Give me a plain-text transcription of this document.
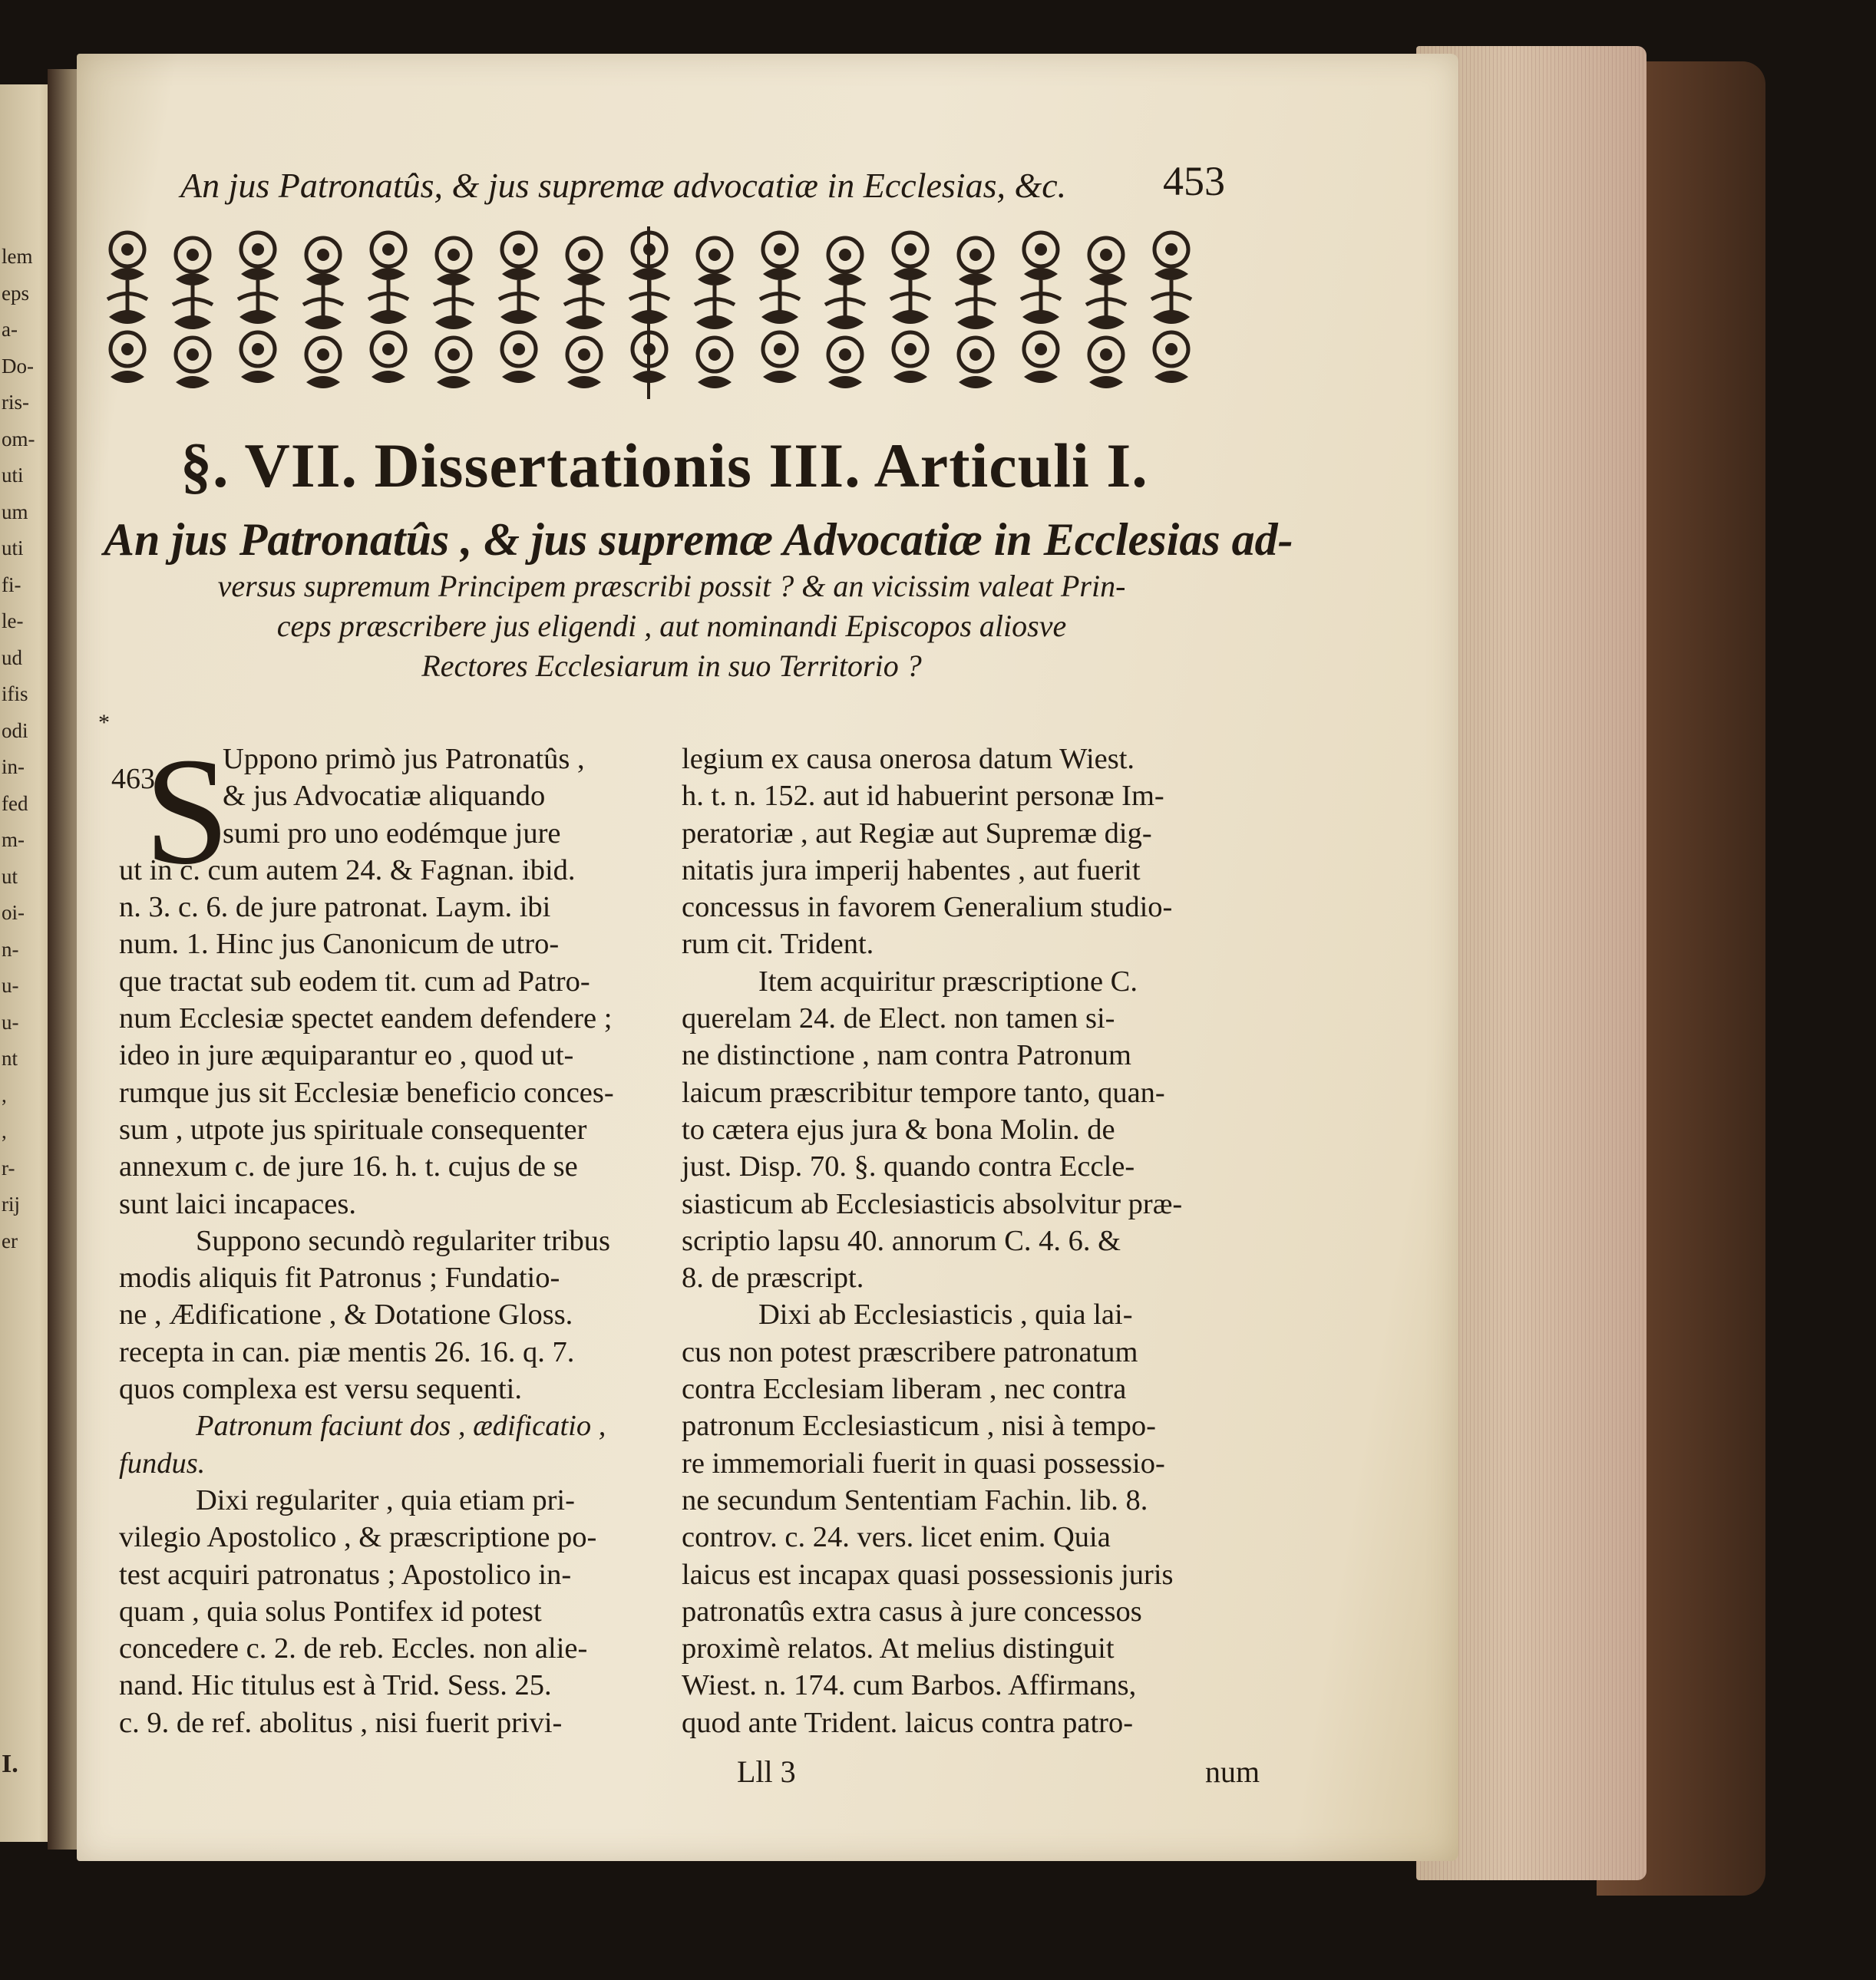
lem
eps
a-
Do-
ris-
om-
uti
um
uti
fi-
le-
ud
ifis
odi
in-
fed
m-
ut
oi-
n-
u-
u-
nt
,
,
r-
rij
er
I.
An jus Patronatûs, & jus supremæ advocatiæ in Ecclesias, &c.	453
§. VII. Dissertationis III. Articuli I.
An jus Patronatûs , & jus supremæ Advocatiæ in Ecclesias ad-
versus supremum Principem præscribi possit ? & an vicissim valeat Prin-
ceps præscribere jus eligendi , aut nominandi Episcopos aliosve
Rectores Ecclesiarum in suo Territorio ?
*
463
S
Uppono primò jus Patronatûs ,
& jus Advocatiæ aliquando
sumi pro uno eodémque jure
ut in c. cum autem 24. & Fagnan. ibid.
n. 3. c. 6. de jure patronat. Laym. ibi
num. 1. Hinc jus Canonicum de utro-
que tractat sub eodem tit. cum ad Patro-
num Ecclesiæ spectet eandem defendere ;
ideo in jure æquiparantur eo , quod ut-
rumque jus sit Ecclesiæ beneficio conces-
sum , utpote jus spirituale consequenter
annexum c. de jure 16. h. t. cujus de se
sunt laici incapaces.
Suppono secundò regulariter tribus
modis aliquis fit Patronus ; Fundatio-
ne , Ædificatione , & Dotatione Gloss.
recepta in can. piæ mentis 26. 16. q. 7.
quos complexa est versu sequenti.
Patronum faciunt dos , ædificatio ,
fundus.
Dixi regulariter , quia etiam pri-
vilegio Apostolico , & præscriptione po-
test acquiri patronatus ; Apostolico in-
quam , quia solus Pontifex id potest
concedere c. 2. de reb. Eccles. non alie-
nand. Hic titulus est à Trid. Sess. 25.
c. 9. de ref. abolitus , nisi fuerit privi-
legium ex causa onerosa datum Wiest.
h. t. n. 152. aut id habuerint personæ Im-
peratoriæ , aut Regiæ aut Supremæ dig-
nitatis jura imperij habentes , aut fuerit
concessus in favorem Generalium studio-
rum cit. Trident.
Item acquiritur præscriptione C.
querelam 24. de Elect. non tamen si-
ne distinctione , nam contra Patronum
laicum præscribitur tempore tanto, quan-
to cætera ejus jura & bona Molin. de
just. Disp. 70. §. quando contra Eccle-
siasticum ab Ecclesiasticis absolvitur præ-
scriptio lapsu 40. annorum C. 4. 6. &
8. de præscript.
Dixi ab Ecclesiasticis , quia lai-
cus non potest præscribere patronatum
contra Ecclesiam liberam , nec contra
patronum Ecclesiasticum , nisi à tempo-
re immemoriali fuerit in quasi possessio-
ne secundum Sententiam Fachin. lib. 8.
controv. c. 24. vers. licet enim. Quia
laicus est incapax quasi possessionis juris
patronatûs extra casus à jure concessos
proximè relatos. At melius distinguit
Wiest. n. 174. cum Barbos. Affirmans,
quod ante Trident. laicus contra patro-
Lll 3	num
